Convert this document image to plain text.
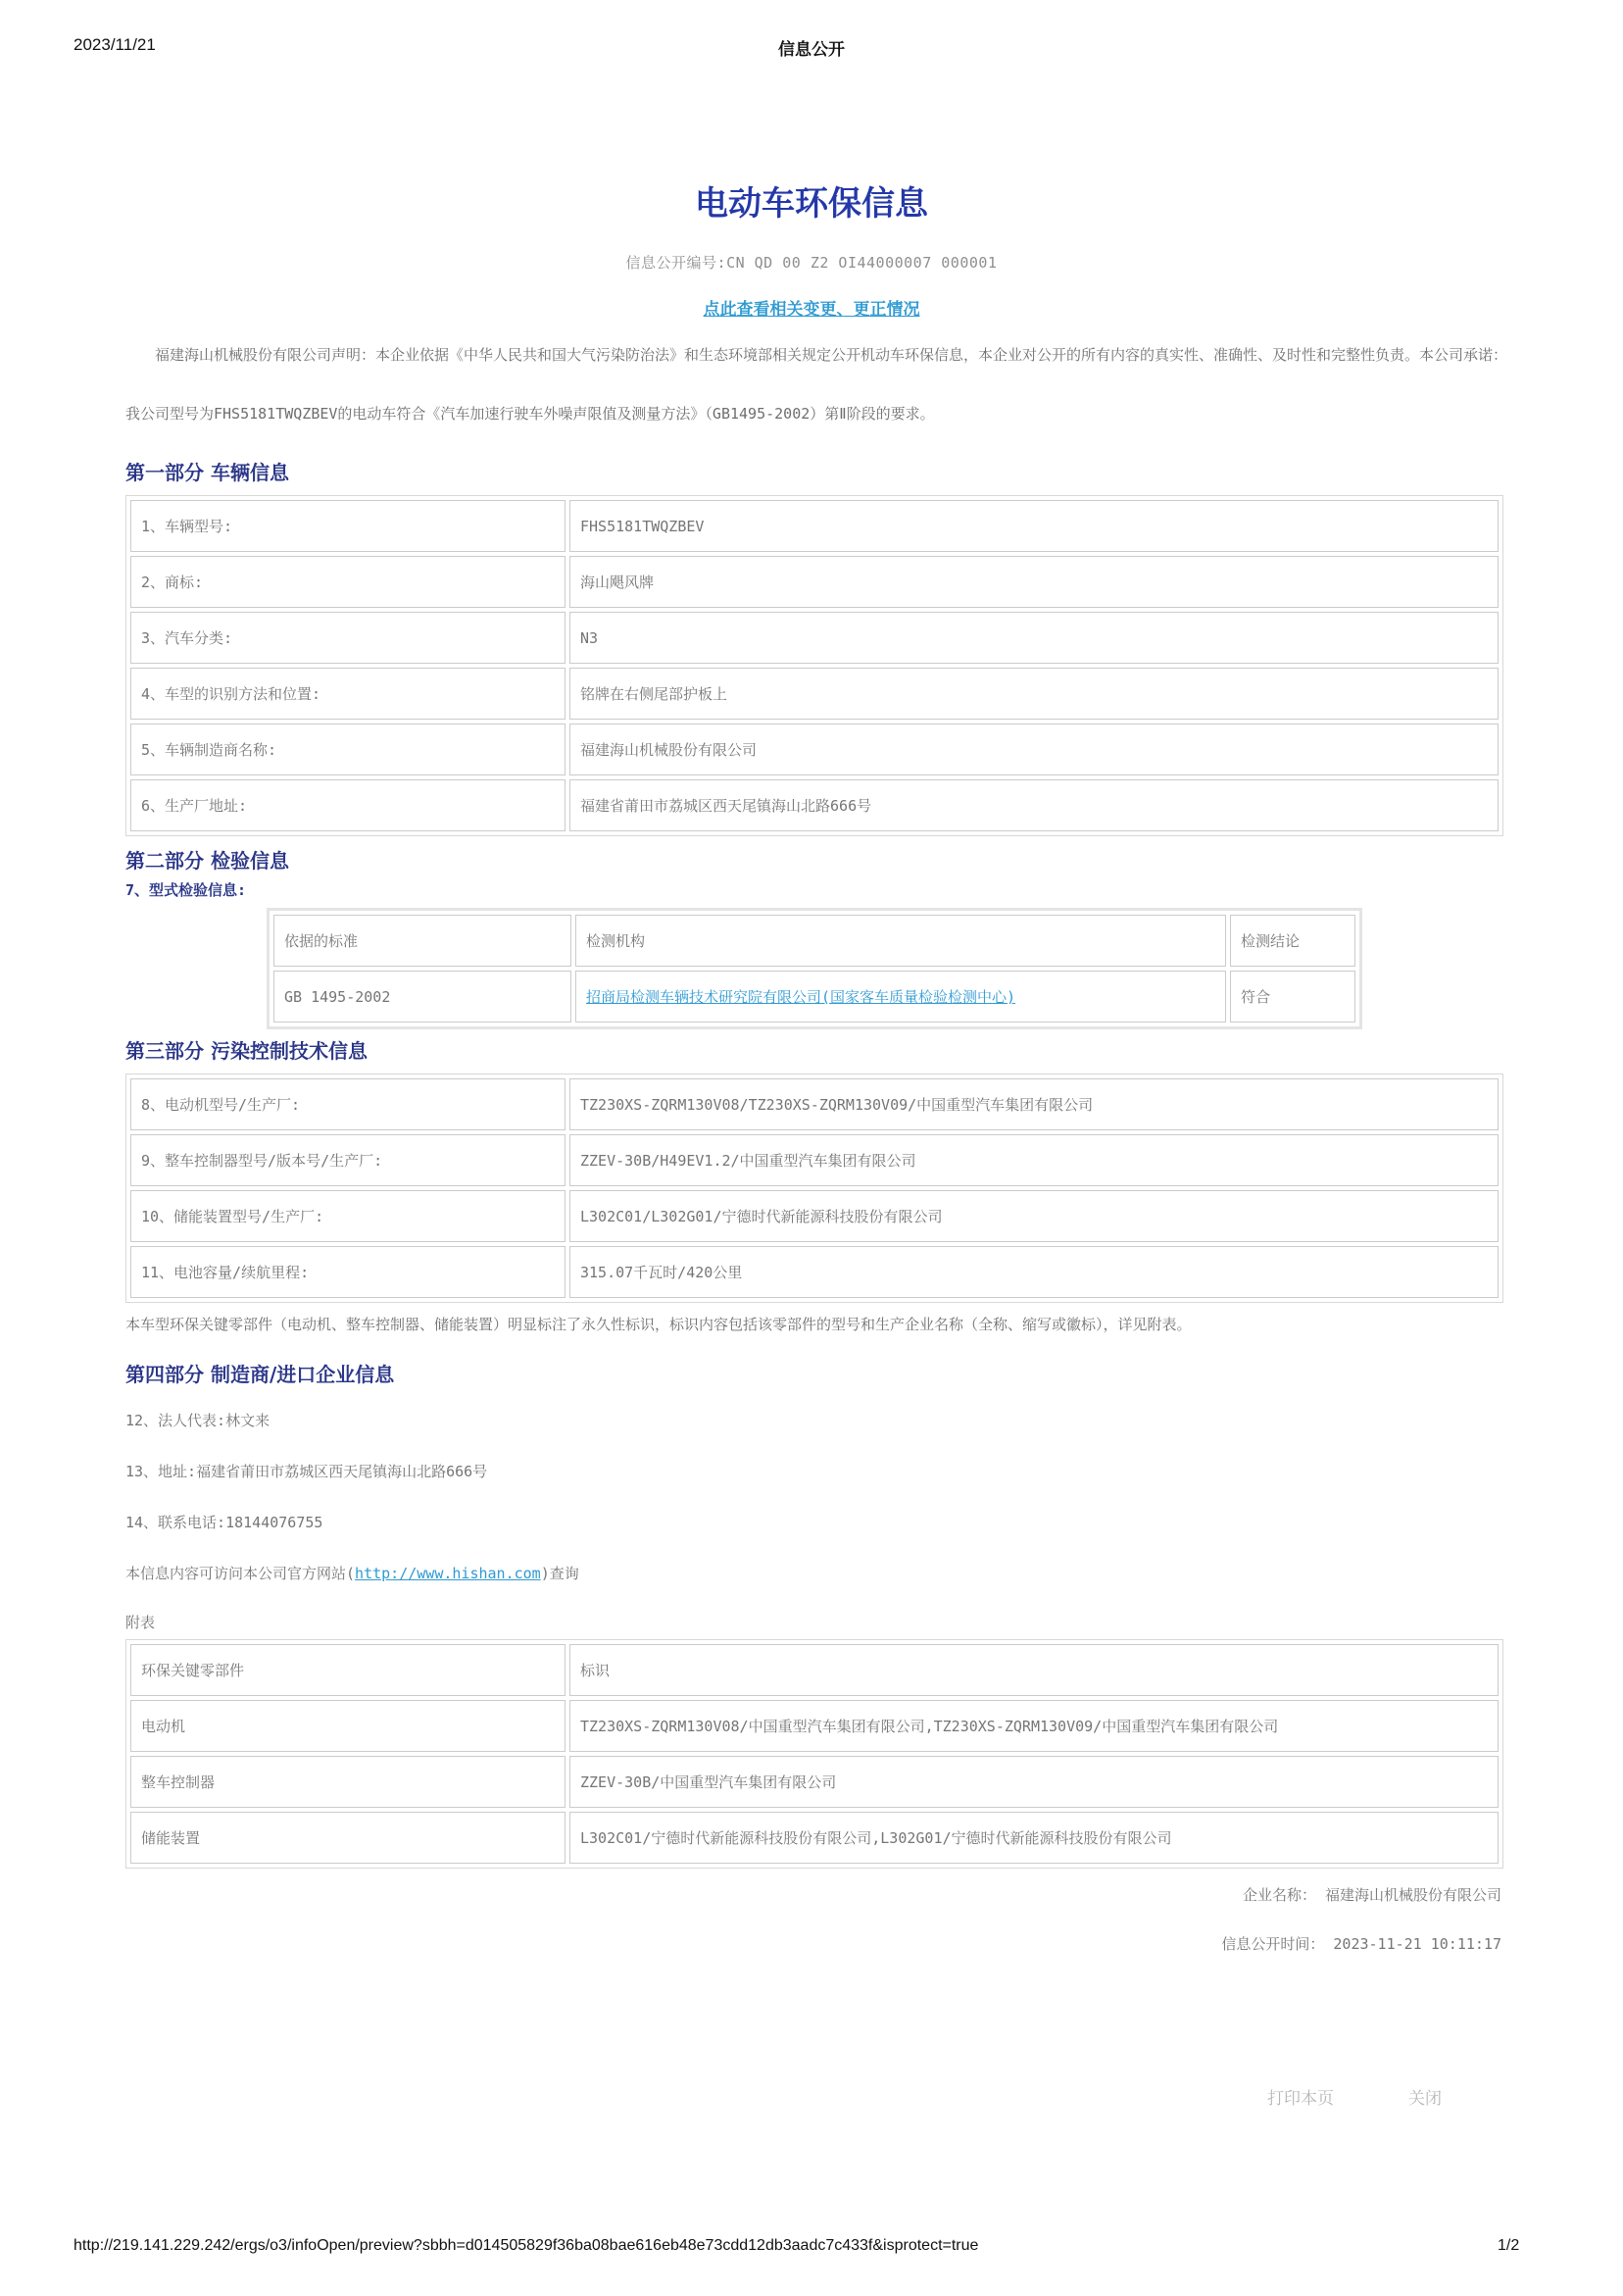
2023/11/21	信息公开
电动车环保信息
信息公开编号:CN QD 00 Z2 OI44000007 000001
点此查看相关变更、更正情况

福建海山机械股份有限公司声明：本企业依据《中华人民共和国大气污染防治法》和生态环境部相关规定公开机动车环保信息，本企业对公开的所有内容的真实性、准确性、及时性和完整性负责。本公司承诺：我公司型号为FHS5181TWQZBEV的电动车符合《汽车加速行驶车外噪声限值及测量方法》（GB1495-2002）第Ⅱ阶段的要求。

第一部分 车辆信息
1、车辆型号:	FHS5181TWQZBEV
2、商标:	海山飓风牌
3、汽车分类:	N3
4、车型的识别方法和位置:	铭牌在右侧尾部护板上
5、车辆制造商名称:	福建海山机械股份有限公司
6、生产厂地址:	福建省莆田市荔城区西天尾镇海山北路666号
第二部分 检验信息
7、型式检验信息:
依据的标准	检测机构	检测结论
GB 1495-2002	招商局检测车辆技术研究院有限公司(国家客车质量检验检测中心)	符合
第三部分 污染控制技术信息
8、电动机型号/生产厂:	TZ230XS-ZQRM130V08/TZ230XS-ZQRM130V09/中国重型汽车集团有限公司
9、整车控制器型号/版本号/生产厂:	ZZEV-30B/H49EV1.2/中国重型汽车集团有限公司
10、储能装置型号/生产厂:	L302C01/L302G01/宁德时代新能源科技股份有限公司
11、电池容量/续航里程:	315.07千瓦时/420公里
本车型环保关键零部件（电动机、整车控制器、储能装置）明显标注了永久性标识，标识内容包括该零部件的型号和生产企业名称（全称、缩写或徽标），详见附表。
第四部分 制造商/进口企业信息
12、法人代表:林文来
13、地址:福建省莆田市荔城区西天尾镇海山北路666号
14、联系电话:18144076755
本信息内容可访问本公司官方网站(http://www.hishan.com)查询
附表
环保关键零部件	标识
电动机	TZ230XS-ZQRM130V08/中国重型汽车集团有限公司,TZ230XS-ZQRM130V09/中国重型汽车集团有限公司
整车控制器	ZZEV-30B/中国重型汽车集团有限公司
储能装置	L302C01/宁德时代新能源科技股份有限公司,L302G01/宁德时代新能源科技股份有限公司
企业名称： 福建海山机械股份有限公司
信息公开时间： 2023-11-21 10:11:17
打印本页	关闭
http://219.141.229.242/ergs/o3/infoOpen/preview?sbbh=d014505829f36ba08bae616eb48e73cdd12db3aadc7c433f&isprotect=true	1/2
